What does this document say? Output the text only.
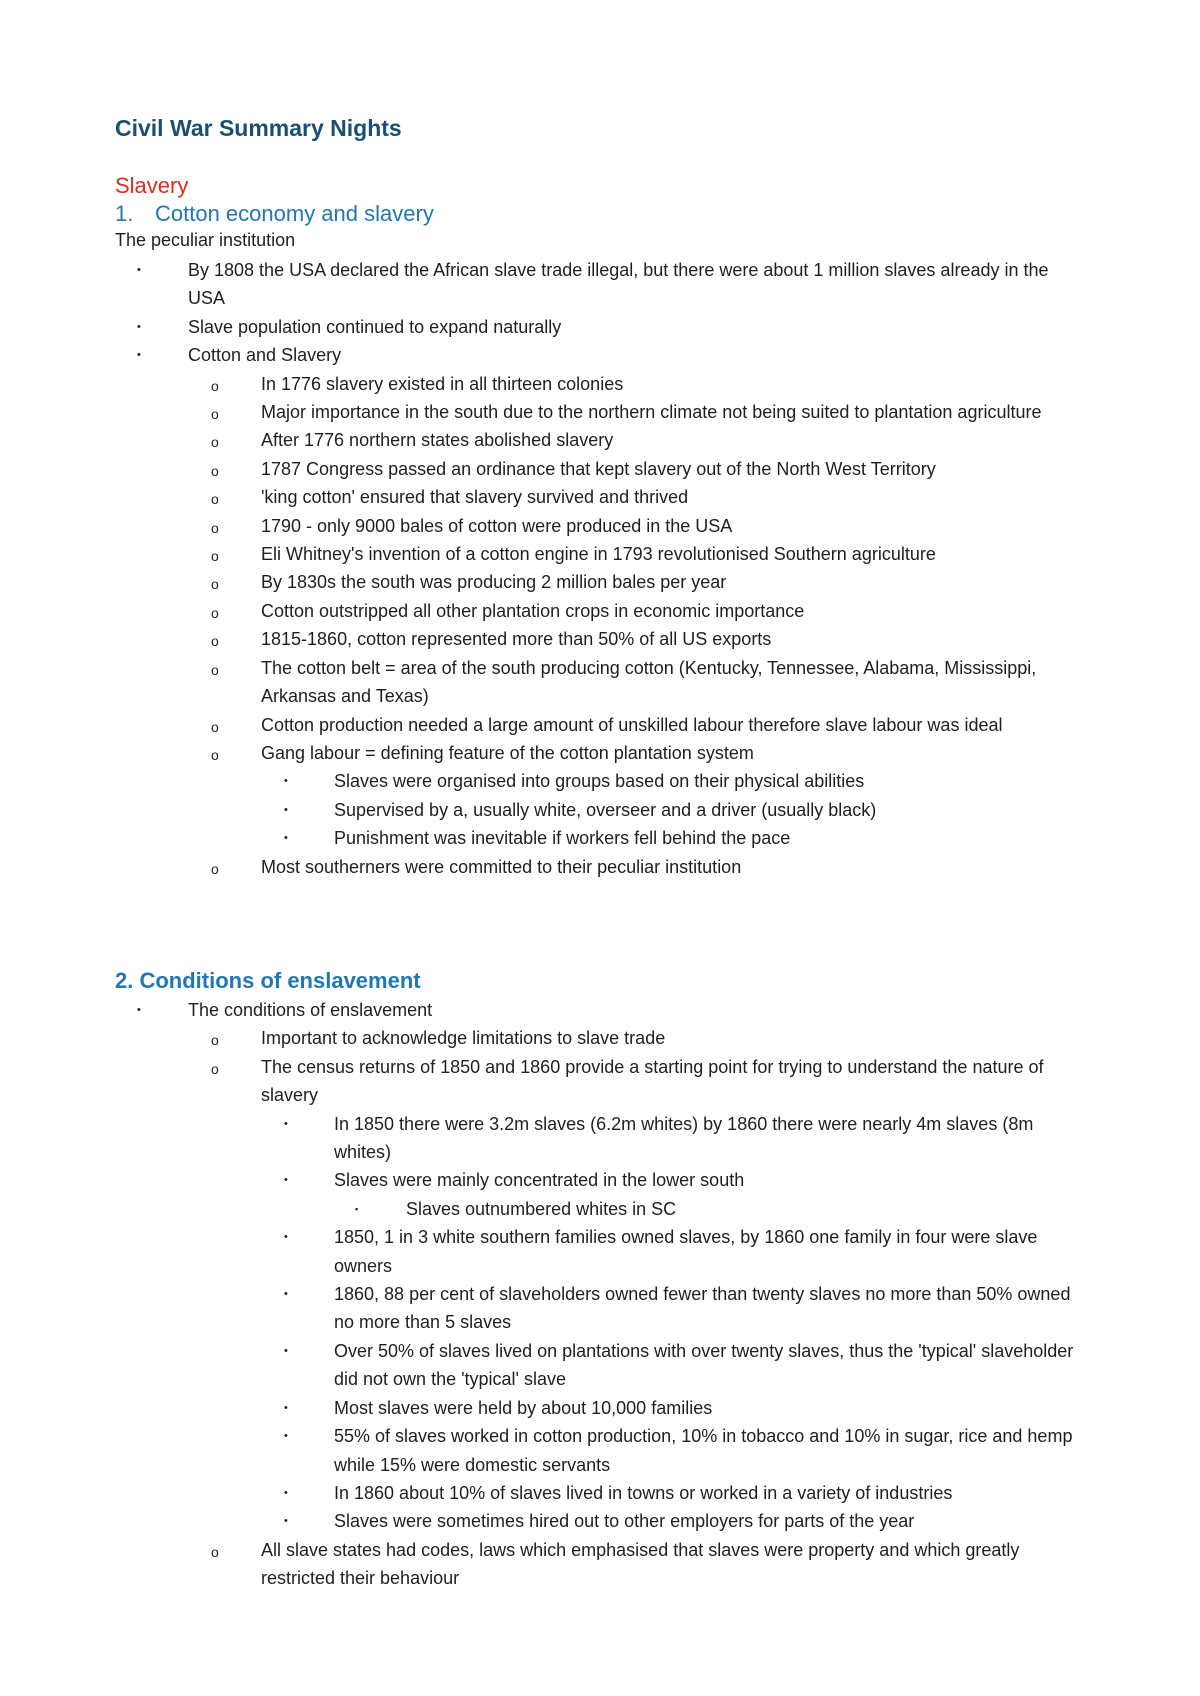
Civil War Summary Nights
Slavery
1. Cotton economy and slavery

The peculiar institution

•	By 1808 the USA declared the African slave trade illegal, but there were about 1 million slaves already in the USA
•	Slave population continued to expand naturally
•	Cotton and Slavery
o In 1776 slavery existed in all thirteen colonies
o Major importance in the south due to the northern climate not being suited to plantation agriculture
o After 1776 northern states abolished slavery
o 1787 Congress passed an ordinance that kept slavery out of the North West Territory
o 'king cotton' ensured that slavery survived and thrived
o 1790 - only 9000 bales of cotton were produced in the USA
o Eli Whitney's invention of a cotton engine in 1793 revolutionised Southern agriculture
o By 1830s the south was producing 2 million bales per year
o Cotton outstripped all other plantation crops in economic importance
o 1815-1860, cotton represented more than 50% of all US exports
o The cotton belt = area of the south producing cotton (Kentucky, Tennessee, Alabama, Mississippi, Arkansas and Texas)
o Cotton production needed a large amount of unskilled labour therefore slave labour was ideal
o Gang labour = defining feature of the cotton plantation system
•	Slaves were organised into groups based on their physical abilities
•	Supervised by a, usually white, overseer and a driver (usually black)
•	Punishment was inevitable if workers fell behind the pace
o Most southerners were committed to their peculiar institution
2. Conditions of enslavement
•	The conditions of enslavement
o Important to acknowledge limitations to slave trade
o The census returns of 1850 and 1860 provide a starting point for trying to understand the nature of slavery
•	In 1850 there were 3.2m slaves (6.2m whites) by 1860 there were nearly 4m slaves (8m whites)
•	Slaves were mainly concentrated in the lower south
▪	Slaves outnumbered whites in SC
•	1850, 1 in 3 white southern families owned slaves, by 1860 one family in four were slave owners
•	1860, 88 per cent of slaveholders owned fewer than twenty slaves no more than 50% owned no more than 5 slaves
•	Over 50% of slaves lived on plantations with over twenty slaves, thus the 'typical' slaveholder did not own the 'typical' slave
•	Most slaves were held by about 10,000 families
•	55% of slaves worked in cotton production, 10% in tobacco and 10% in sugar, rice and hemp while 15% were domestic servants
•	In 1860 about 10% of slaves lived in towns or worked in a variety of industries
•	Slaves were sometimes hired out to other employers for parts of the year
o All slave states had codes, laws which emphasised that slaves were property and which greatly restricted their behaviour
